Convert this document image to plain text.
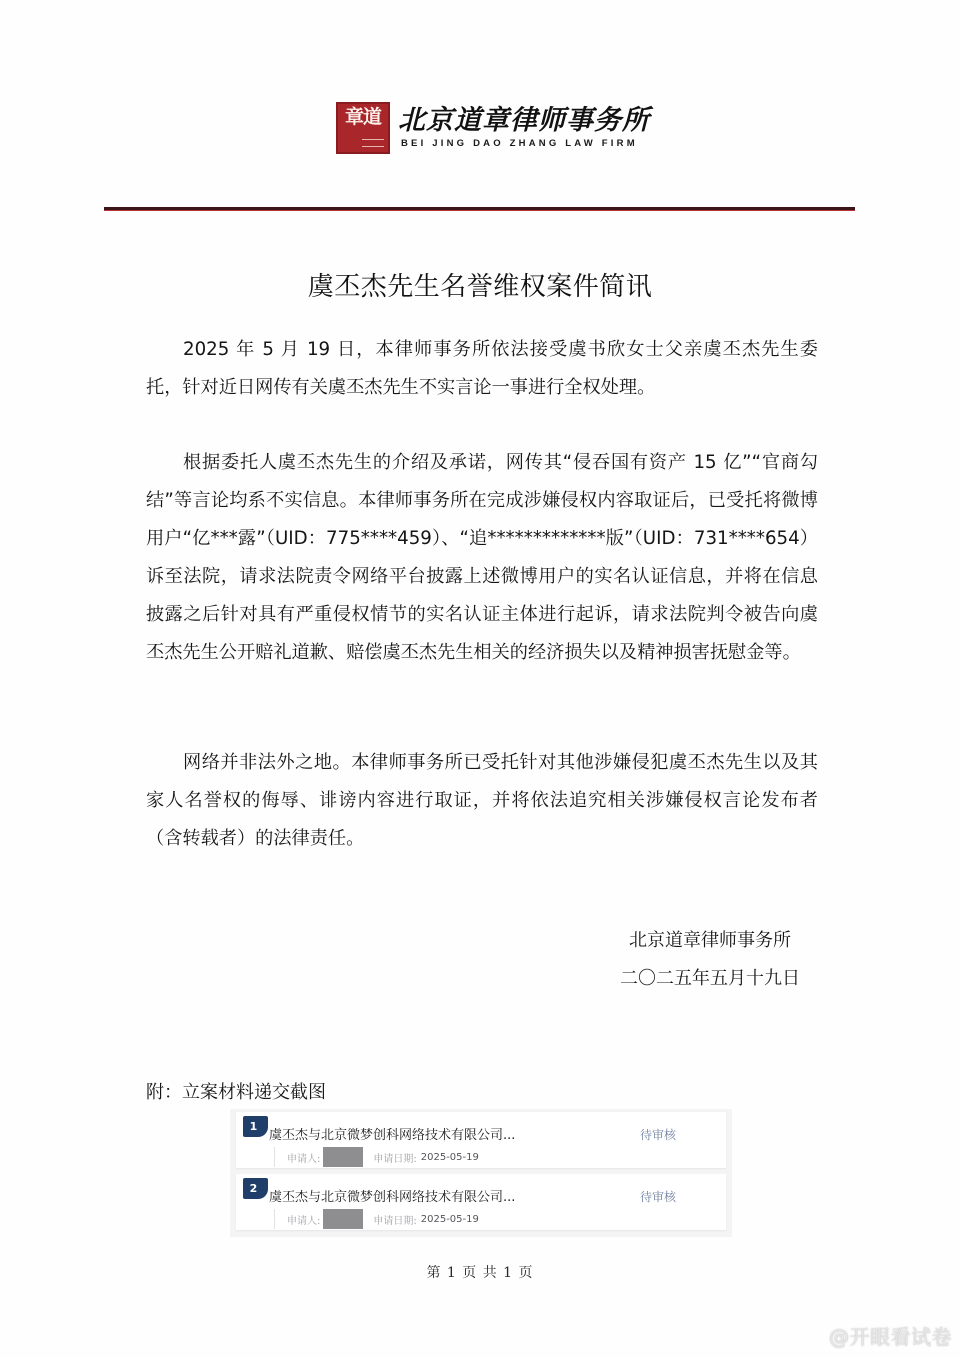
章道 北京道章律师事务所
BEI JING DAO ZHANG LAW FIRM
虞丕杰先生名誉维权案件简讯

2025 年 5 月 19 日，本律师事务所依法接受虞书欣女士父亲虞丕杰先生委托，针对近日网传有关虞丕杰先生不实言论一事进行全权处理。

根据委托人虞丕杰先生的介绍及承诺，网传其“侵吞国有资产 15 亿”“官商勾结”等言论均系不实信息。本律师事务所在完成涉嫌侵权内容取证后，已受托将微博用户“亿***露”（UID：775****459）、“追*************版”（UID：731****654）诉至法院，请求法院责令网络平台披露上述微博用户的实名认证信息，并将在信息披露之后针对具有严重侵权情节的实名认证主体进行起诉，请求法院判令被告向虞丕杰先生公开赔礼道歉、赔偿虞丕杰先生相关的经济损失以及精神损害抚慰金等。

网络并非法外之地。本律师事务所已受托针对其他涉嫌侵犯虞丕杰先生以及其家人名誉权的侮辱、诽谤内容进行取证，并将依法追究相关涉嫌侵权言论发布者（含转载者）的法律责任。

北京道章律师事务所
二〇二五年五月十九日
附：立案材料递交截图
1
虞丕杰与北京微梦创科网络技术有限公司...	待审核
申请人:	申请日期: 2025-05-19
2
虞丕杰与北京微梦创科网络技术有限公司...	待审核
申请人:	申请日期: 2025-05-19
第 1 页 共 1 页
@开眼看试卷
